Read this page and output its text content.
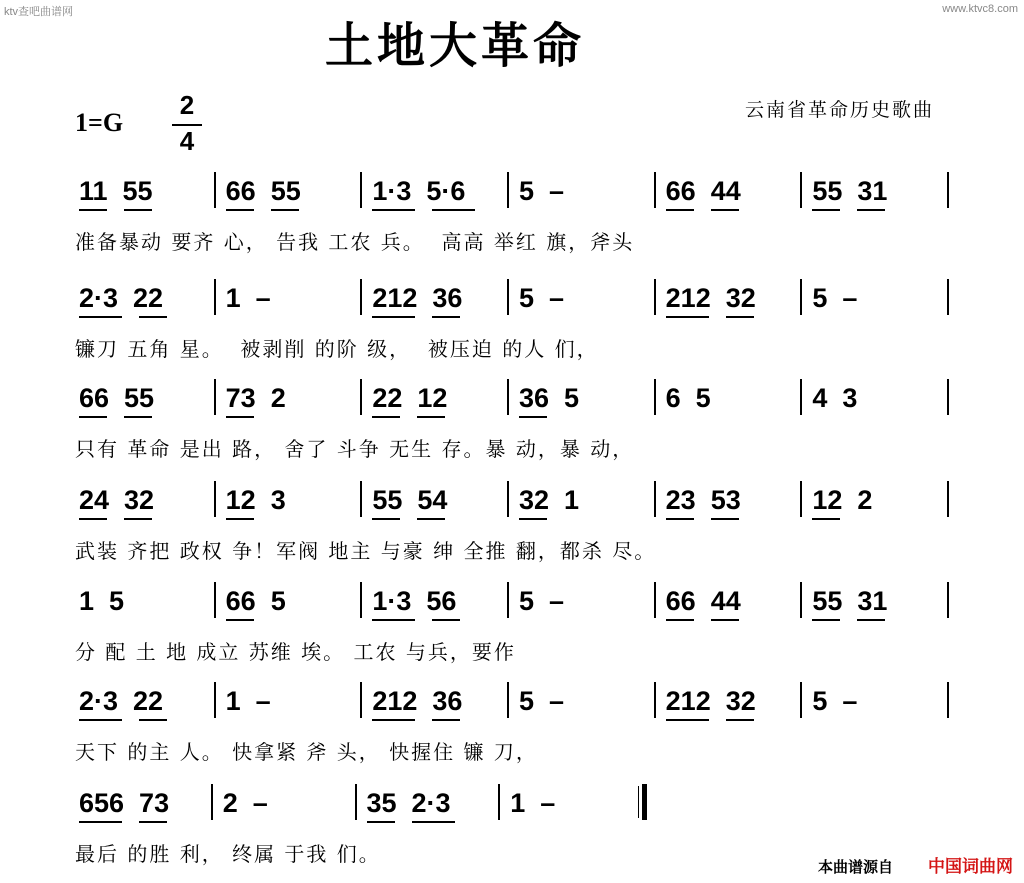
ktv查吧曲谱网	www.ktvc8.com
土地大革命
1=G
2
4
云南省革命历史歌曲
11  55	66  55	1·3  5·6 5  –	66  44	55  31
准备暴动 要齐 心， 告我 工农 兵。  高高 举红 旗，斧头
2·3  22 1  –	212  36 5  –	212  32 5  –
镰刀 五角 星。  被剥削 的阶 级，  被压迫 的人 们，
66  55	73  2	22  12	36  5	6  5	4  3
只有 革命 是出 路， 舍了 斗争 无生 存。暴 动，暴 动，
24  32	12  3	55  54	32  1	23  53	12  2
武装 齐把 政权 争！军阀 地主 与豪 绅 全推 翻，都杀 尽。
1  5	66  5	1·3  56 5  –	66  44	55  31
分 配 土 地 成立 苏维 埃。 工农 与兵，要作
2·3  22 1  –	212  36 5  –	212  32 5  –
天下 的主 人。 快拿紧 斧 头， 快握住 镰 刀，
656  73 2  –	35  2·3 1  –
最后 的胜 利， 终属 于我 们。
本曲谱源自 中国词曲网
